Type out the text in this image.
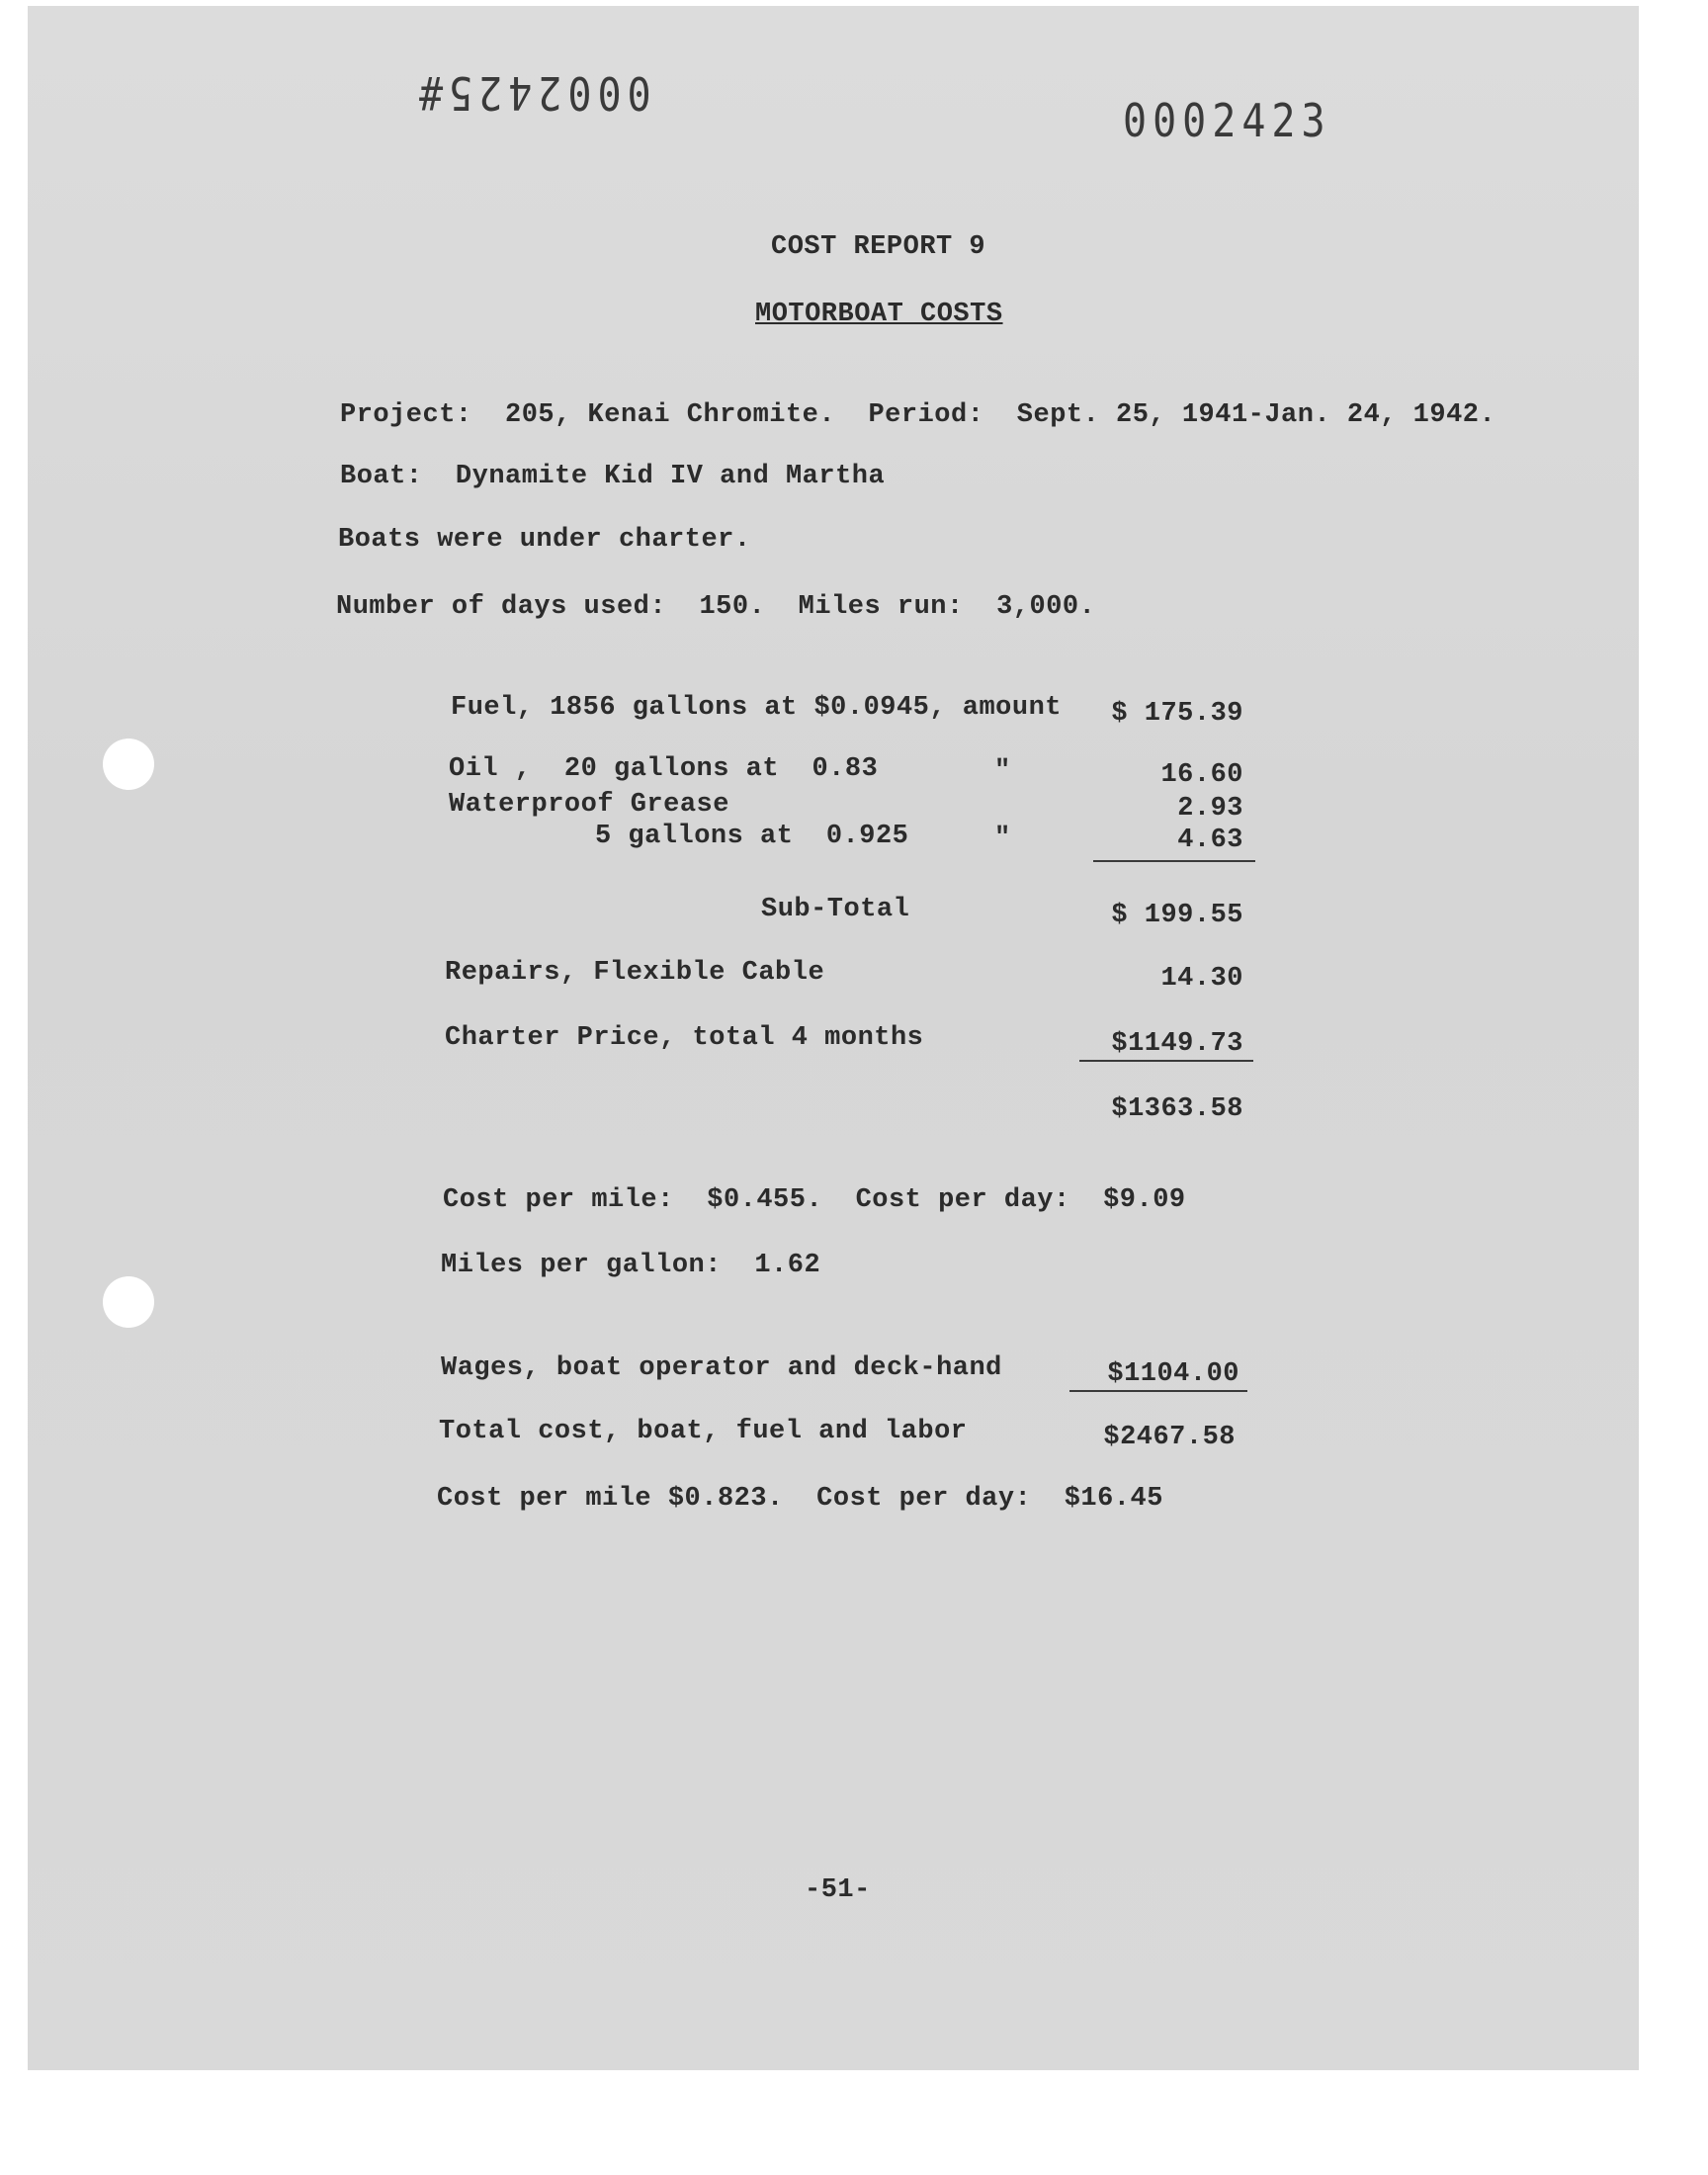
0002425#
0002423
COST REPORT 9
MOTORBOAT COSTS
Project:  205, Kenai Chromite.  Period:  Sept. 25, 1941-Jan. 24, 1942.
Boat:  Dynamite Kid IV and Martha
Boats were under charter.
Number of days used:  150.  Miles run:  3,000.
Fuel, 1856 gallons at $0.0945, amount	$ 175.39
Oil ,  20 gallons at  0.83	"	16.60
Waterproof Grease	2.93
5 gallons at  0.925	"	4.63
Sub-Total	$ 199.55
Repairs, Flexible Cable	14.30
Charter Price, total 4 months	$1149.73
$1363.58
Cost per mile:  $0.455.  Cost per day:  $9.09
Miles per gallon:  1.62
Wages, boat operator and deck-hand	$1104.00
Total cost, boat, fuel and labor	$2467.58
Cost per mile $0.823.  Cost per day:  $16.45
-51-
